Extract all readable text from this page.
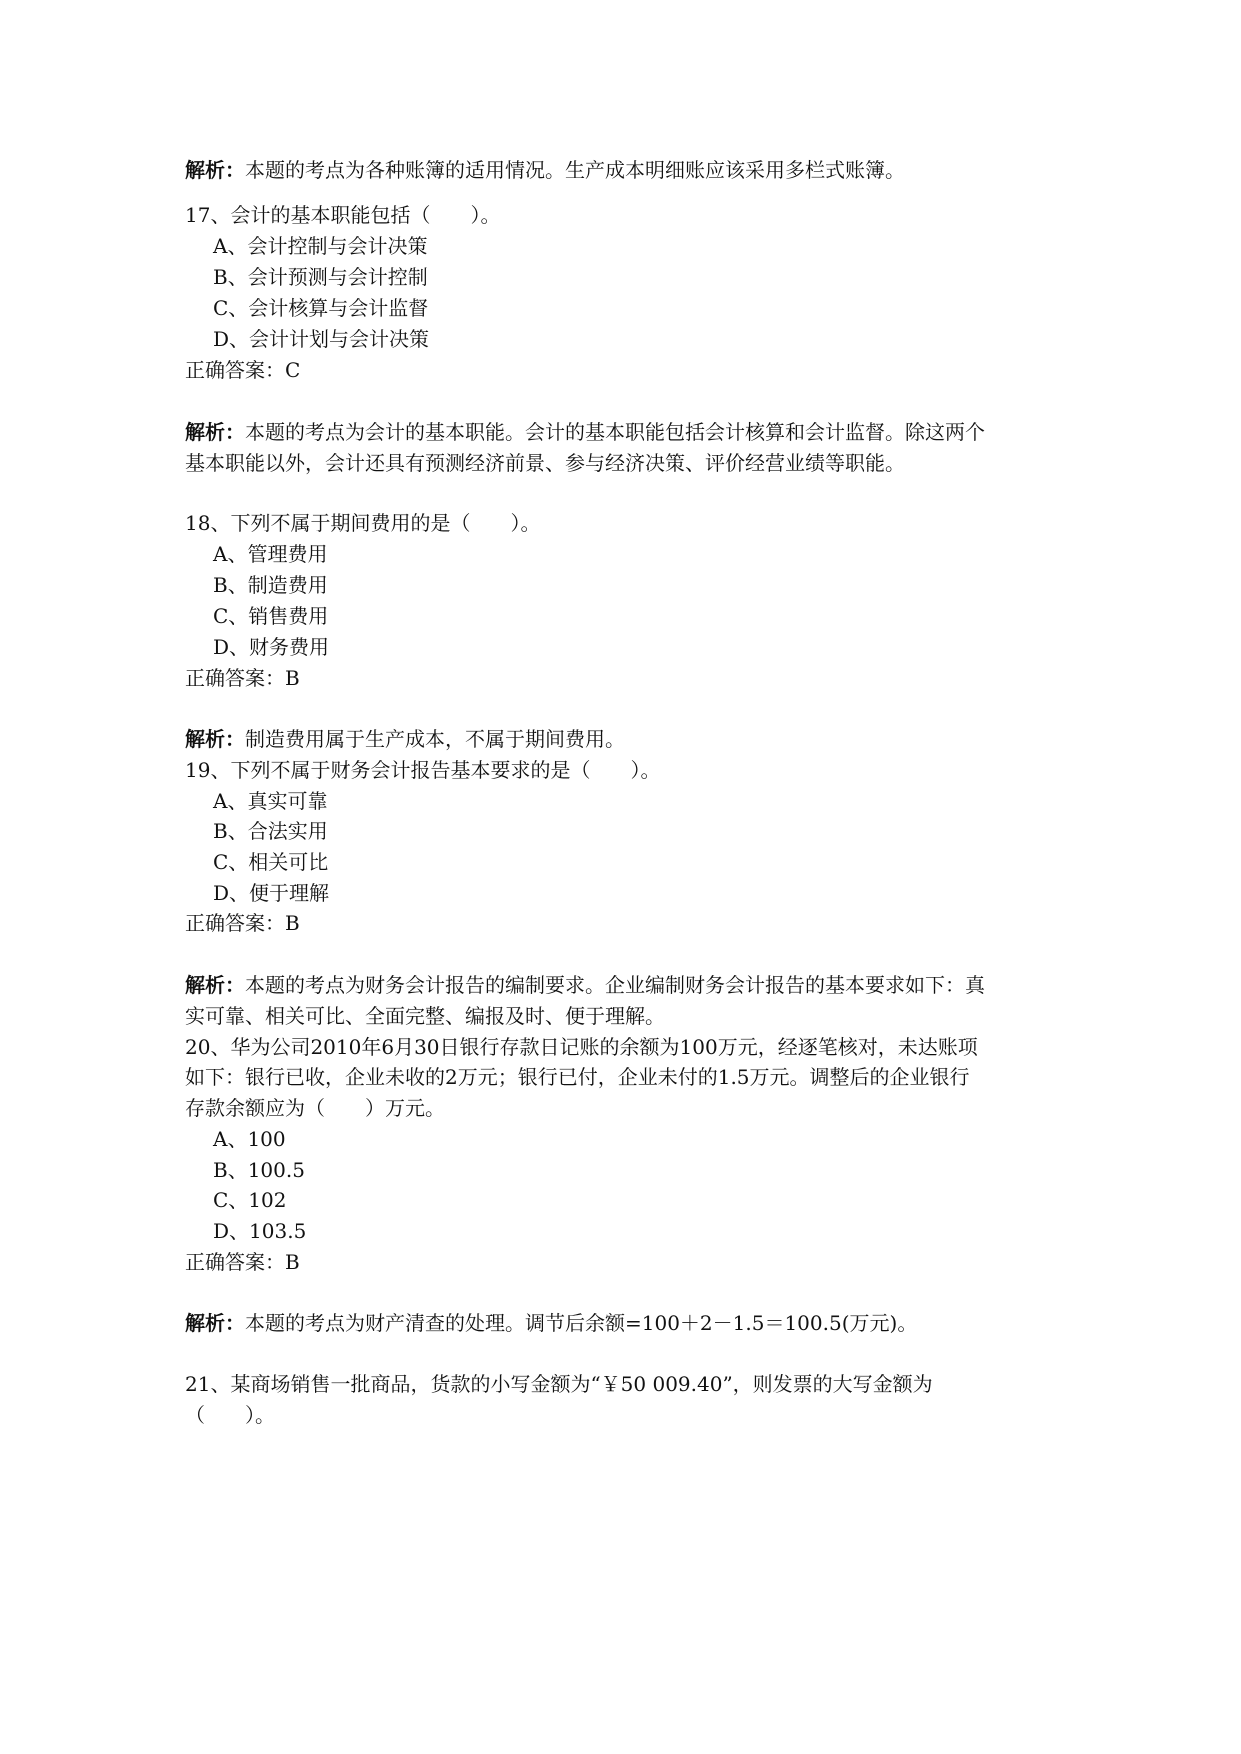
解析：本题的考点为各种账簿的适用情况。生产成本明细账应该采用多栏式账簿。
17、会计的基本职能包括（　　）。
A、会计控制与会计决策
B、会计预测与会计控制
C、会计核算与会计监督
D、会计计划与会计决策
正确答案：C
解析：本题的考点为会计的基本职能。会计的基本职能包括会计核算和会计监督。除这两个
基本职能以外，会计还具有预测经济前景、参与经济决策、评价经营业绩等职能。
18、下列不属于期间费用的是（　　）。
A、管理费用
B、制造费用
C、销售费用
D、财务费用
正确答案：B
解析：制造费用属于生产成本，不属于期间费用。
19、下列不属于财务会计报告基本要求的是（　　）。
A、真实可靠
B、合法实用
C、相关可比
D、便于理解
正确答案：B
解析：本题的考点为财务会计报告的编制要求。企业编制财务会计报告的基本要求如下：真
实可靠、相关可比、全面完整、编报及时、便于理解。
20、华为公司2010年6月30日银行存款日记账的余额为100万元，经逐笔核对，未达账项
如下：银行已收，企业未收的2万元；银行已付，企业未付的1.5万元。调整后的企业银行
存款余额应为（　　）万元。
A、100
B、100.5
C、102
D、103.5
正确答案：B
解析：本题的考点为财产清查的处理。调节后余额=100＋2－1.5＝100.5(万元)。
21、某商场销售一批商品，货款的小写金额为“￥50 009.40”，则发票的大写金额为
（　　）。
